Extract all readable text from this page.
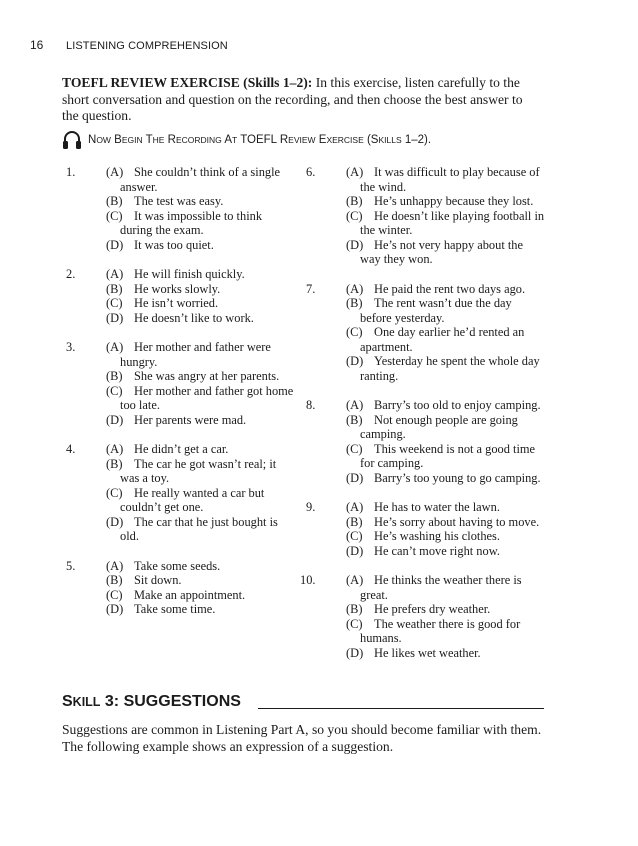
16 LISTENING COMPREHENSION
TOEFL REVIEW EXERCISE (Skills 1–2): In this exercise, listen carefully to the short conversation and question on the recording, and then choose the best answer to the question.
NOW BEGIN THE RECORDING AT TOEFL REVIEW EXERCISE (SKILLS 1–2).
1.	(A) She couldn’t think of a single answer.
(B) The test was easy.
(C) It was impossible to think during the exam.
(D) It was too quiet.
2.	(A) He will finish quickly.
(B) He works slowly.
(C) He isn’t worried.
(D) He doesn’t like to work.
3.	(A) Her mother and father were hungry.
(B) She was angry at her parents.
(C) Her mother and father got home too late.
(D) Her parents were mad.
4.	(A) He didn’t get a car.
(B) The car he got wasn’t real; it was a toy.
(C) He really wanted a car but couldn’t get one.
(D) The car that he just bought is old.
5.	(A) Take some seeds.
(B) Sit down.
(C) Make an appointment.
(D) Take some time.
6.	(A) It was difficult to play because of the wind.
(B) He’s unhappy because they lost.
(C) He doesn’t like playing football in the winter.
(D) He’s not very happy about the way they won.
7.	(A) He paid the rent two days ago.
(B) The rent wasn’t due the day before yesterday.
(C) One day earlier he’d rented an apartment.
(D) Yesterday he spent the whole day ranting.
8.	(A) Barry’s too old to enjoy camping.
(B) Not enough people are going camping.
(C) This weekend is not a good time for camping.
(D) Barry’s too young to go camping.
9.	(A) He has to water the lawn.
(B) He’s sorry about having to move.
(C) He’s washing his clothes.
(D) He can’t move right now.
10.	(A) He thinks the weather there is great.
(B) He prefers dry weather.
(C) The weather there is good for humans.
(D) He likes wet weather.
SKILL 3: SUGGESTIONS
Suggestions are common in Listening Part A, so you should become familiar with them. The following example shows an expression of a suggestion.
